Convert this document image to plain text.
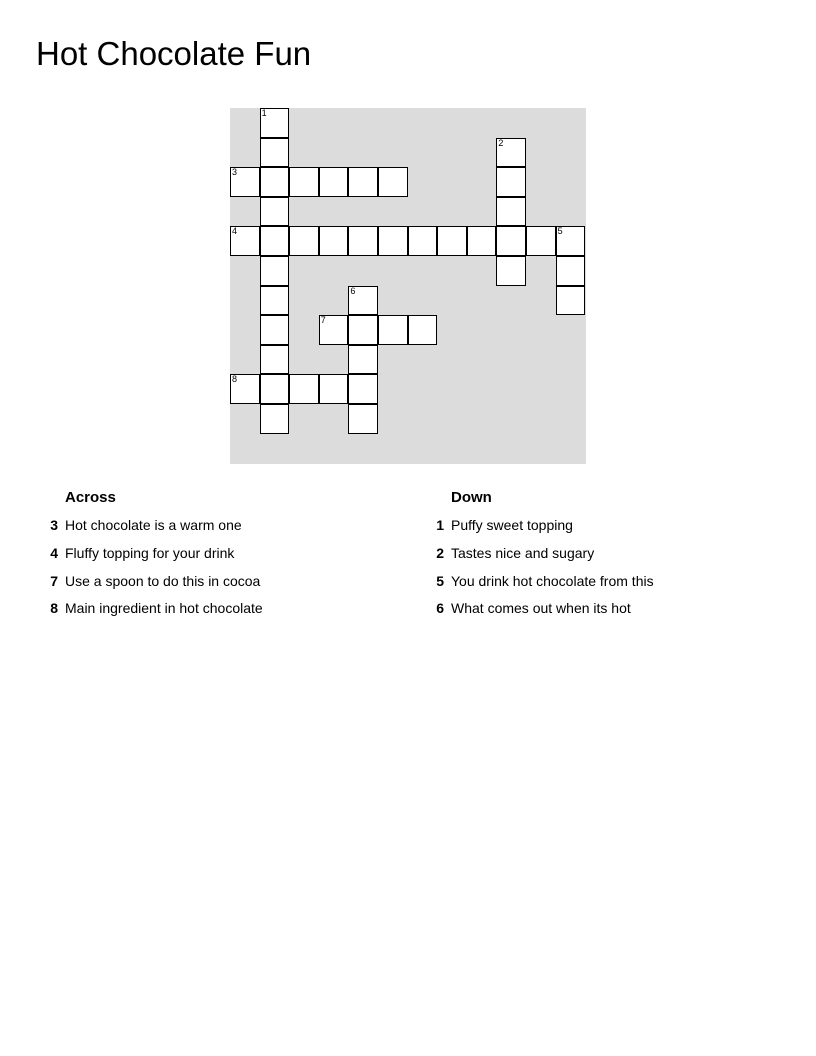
Hot Chocolate Fun
1
2
3
4	5
6
7
8
Across
3 Hot chocolate is a warm one
4 Fluffy topping for your drink
7 Use a spoon to do this in cocoa
8 Main ingredient in hot chocolate
Down
1 Puffy sweet topping
2 Tastes nice and sugary
5 You drink hot chocolate from this
6 What comes out when its hot
